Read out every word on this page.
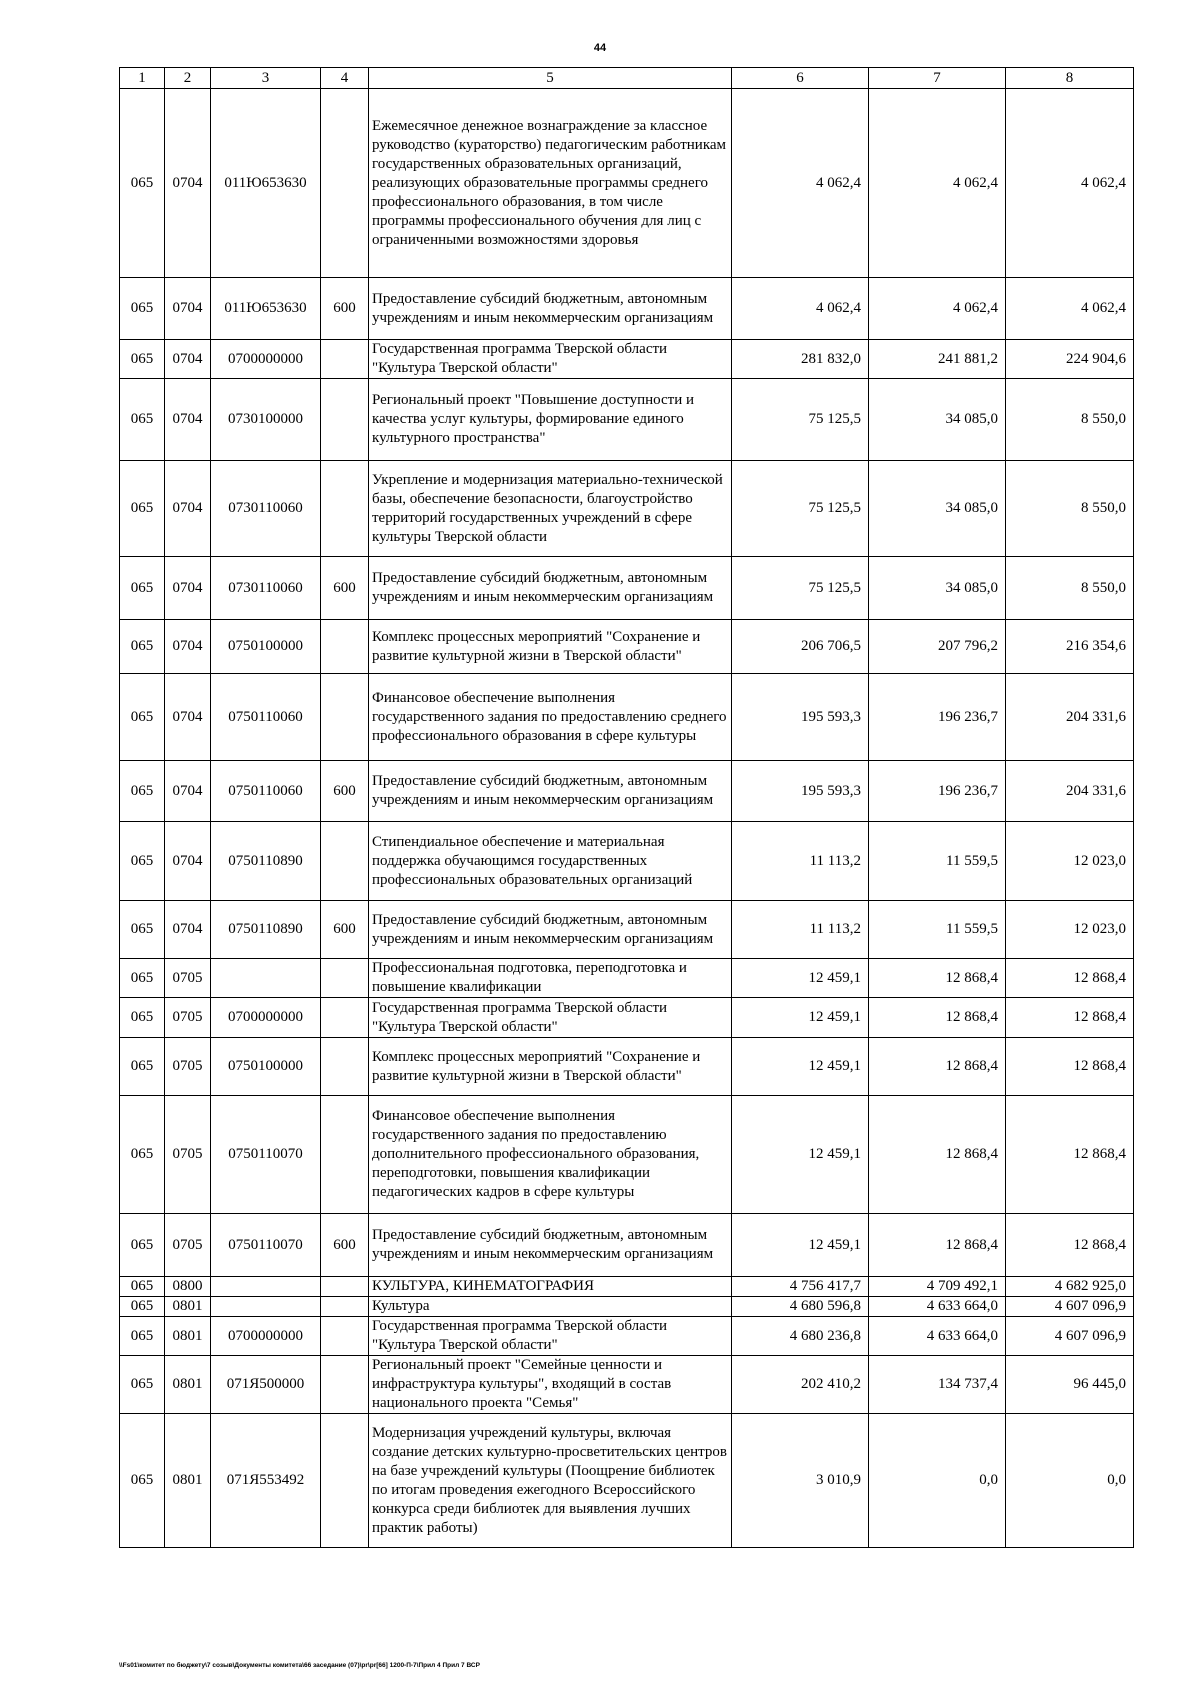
44
1	2	3	4	5	6	7	8
065	0704	011Ю653630		Ежемесячное денежное вознаграждение за классное руководство (кураторство) педагогическим работникам государственных образовательных организаций, реализующих образовательные программы среднего профессионального образования, в том числе программы профессионального обучения для лиц с ограниченными возможностями здоровья	4 062,4	4 062,4	4 062,4
065	0704	011Ю653630	600	Предоставление субсидий бюджетным, автономным учреждениям и иным некоммерческим организациям	4 062,4	4 062,4	4 062,4
065	0704	0700000000		Государственная программа Тверской области "Культура Тверской области"	281 832,0	241 881,2	224 904,6
065	0704	0730100000		Региональный проект "Повышение доступности и качества услуг культуры, формирование единого культурного пространства"	75 125,5	34 085,0	8 550,0
065	0704	0730110060		Укрепление и модернизация материально-технической базы, обеспечение безопасности, благоустройство территорий государственных учреждений в сфере культуры Тверской области	75 125,5	34 085,0	8 550,0
065	0704	0730110060	600	Предоставление субсидий бюджетным, автономным учреждениям и иным некоммерческим организациям	75 125,5	34 085,0	8 550,0
065	0704	0750100000		Комплекс процессных мероприятий "Сохранение и развитие культурной жизни в Тверской области"	206 706,5	207 796,2	216 354,6
065	0704	0750110060		Финансовое обеспечение выполнения государственного задания по предоставлению среднего профессионального образования в сфере культуры	195 593,3	196 236,7	204 331,6
065	0704	0750110060	600	Предоставление субсидий бюджетным, автономным учреждениям и иным некоммерческим организациям	195 593,3	196 236,7	204 331,6
065	0704	0750110890		Стипендиальное обеспечение и материальная поддержка обучающимся государственных профессиональных образовательных организаций	11 113,2	11 559,5	12 023,0
065	0704	0750110890	600	Предоставление субсидий бюджетным, автономным учреждениям и иным некоммерческим организациям	11 113,2	11 559,5	12 023,0
065	0705			Профессиональная подготовка, переподготовка и повышение квалификации	12 459,1	12 868,4	12 868,4
065	0705	0700000000		Государственная программа Тверской области "Культура Тверской области"	12 459,1	12 868,4	12 868,4
065	0705	0750100000		Комплекс процессных мероприятий "Сохранение и развитие культурной жизни в Тверской области"	12 459,1	12 868,4	12 868,4
065	0705	0750110070		Финансовое обеспечение выполнения государственного задания по предоставлению дополнительного профессионального образования, переподготовки, повышения квалификации педагогических кадров в сфере культуры	12 459,1	12 868,4	12 868,4
065	0705	0750110070	600	Предоставление субсидий бюджетным, автономным учреждениям и иным некоммерческим организациям	12 459,1	12 868,4	12 868,4
065	0800			КУЛЬТУРА, КИНЕМАТОГРАФИЯ	4 756 417,7	4 709 492,1	4 682 925,0
065	0801			Культура	4 680 596,8	4 633 664,0	4 607 096,9
065	0801	0700000000		Государственная программа Тверской области "Культура Тверской области"	4 680 236,8	4 633 664,0	4 607 096,9
065	0801	071Я500000		Региональный проект "Семейные ценности и инфраструктура культуры", входящий в состав национального проекта "Семья"	202 410,2	134 737,4	96 445,0
065	0801	071Я553492		Модернизация учреждений культуры, включая создание детских культурно-просветительских центров на базе учреждений культуры (Поощрение библиотек по итогам проведения ежегодного Всероссийского конкурса среди библиотек для выявления лучших практик работы)	3 010,9	0,0	0,0
\\Fs01\комитет по бюджету\7 созыв\Документы комитета\66 заседание (07)\pr\pr[66] 1200-П-7\Прил 4 Прил 7 ВСР
